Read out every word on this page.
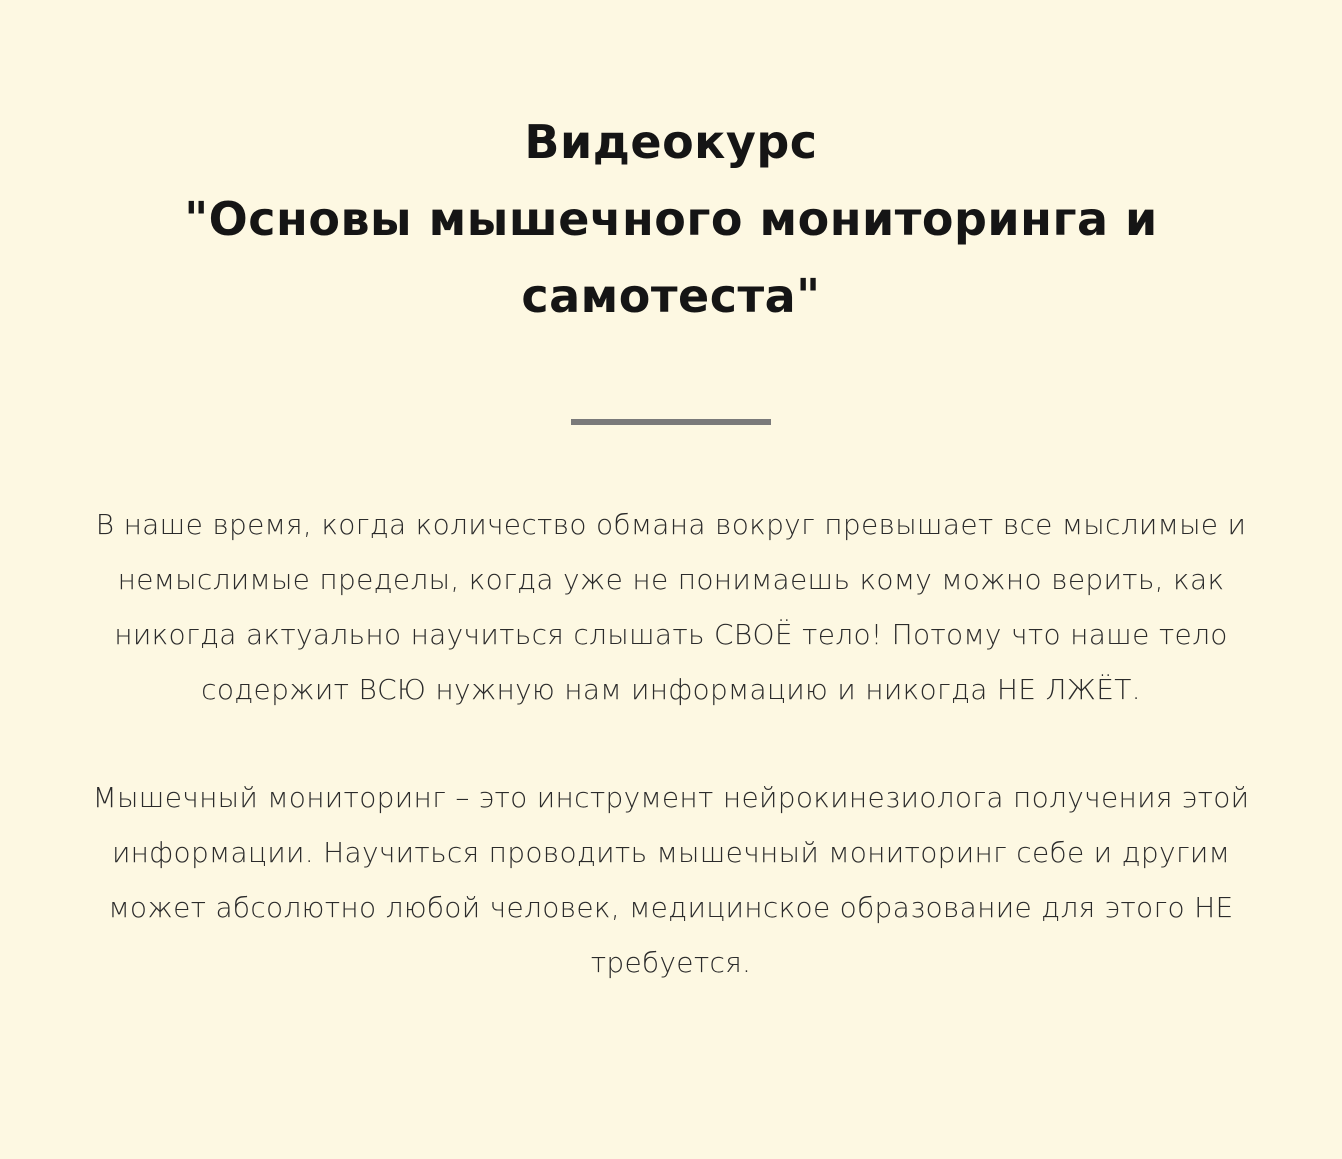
Видеокурс
"Основы мышечного мониторинга и самотеста"

В наше время, когда количество обмана вокруг превышает все мыслимые и немыслимые пределы, когда уже не понимаешь кому можно верить, как никогда актуально научиться слышать СВОЁ тело! Потому что наше тело содержит ВСЮ нужную нам информацию и никогда НЕ ЛЖЁТ.

Мышечный мониторинг – это инструмент нейрокинезиолога получения этой информации. Научиться проводить мышечный мониторинг себе и другим может абсолютно любой человек, медицинское образование для этого НЕ требуется.
